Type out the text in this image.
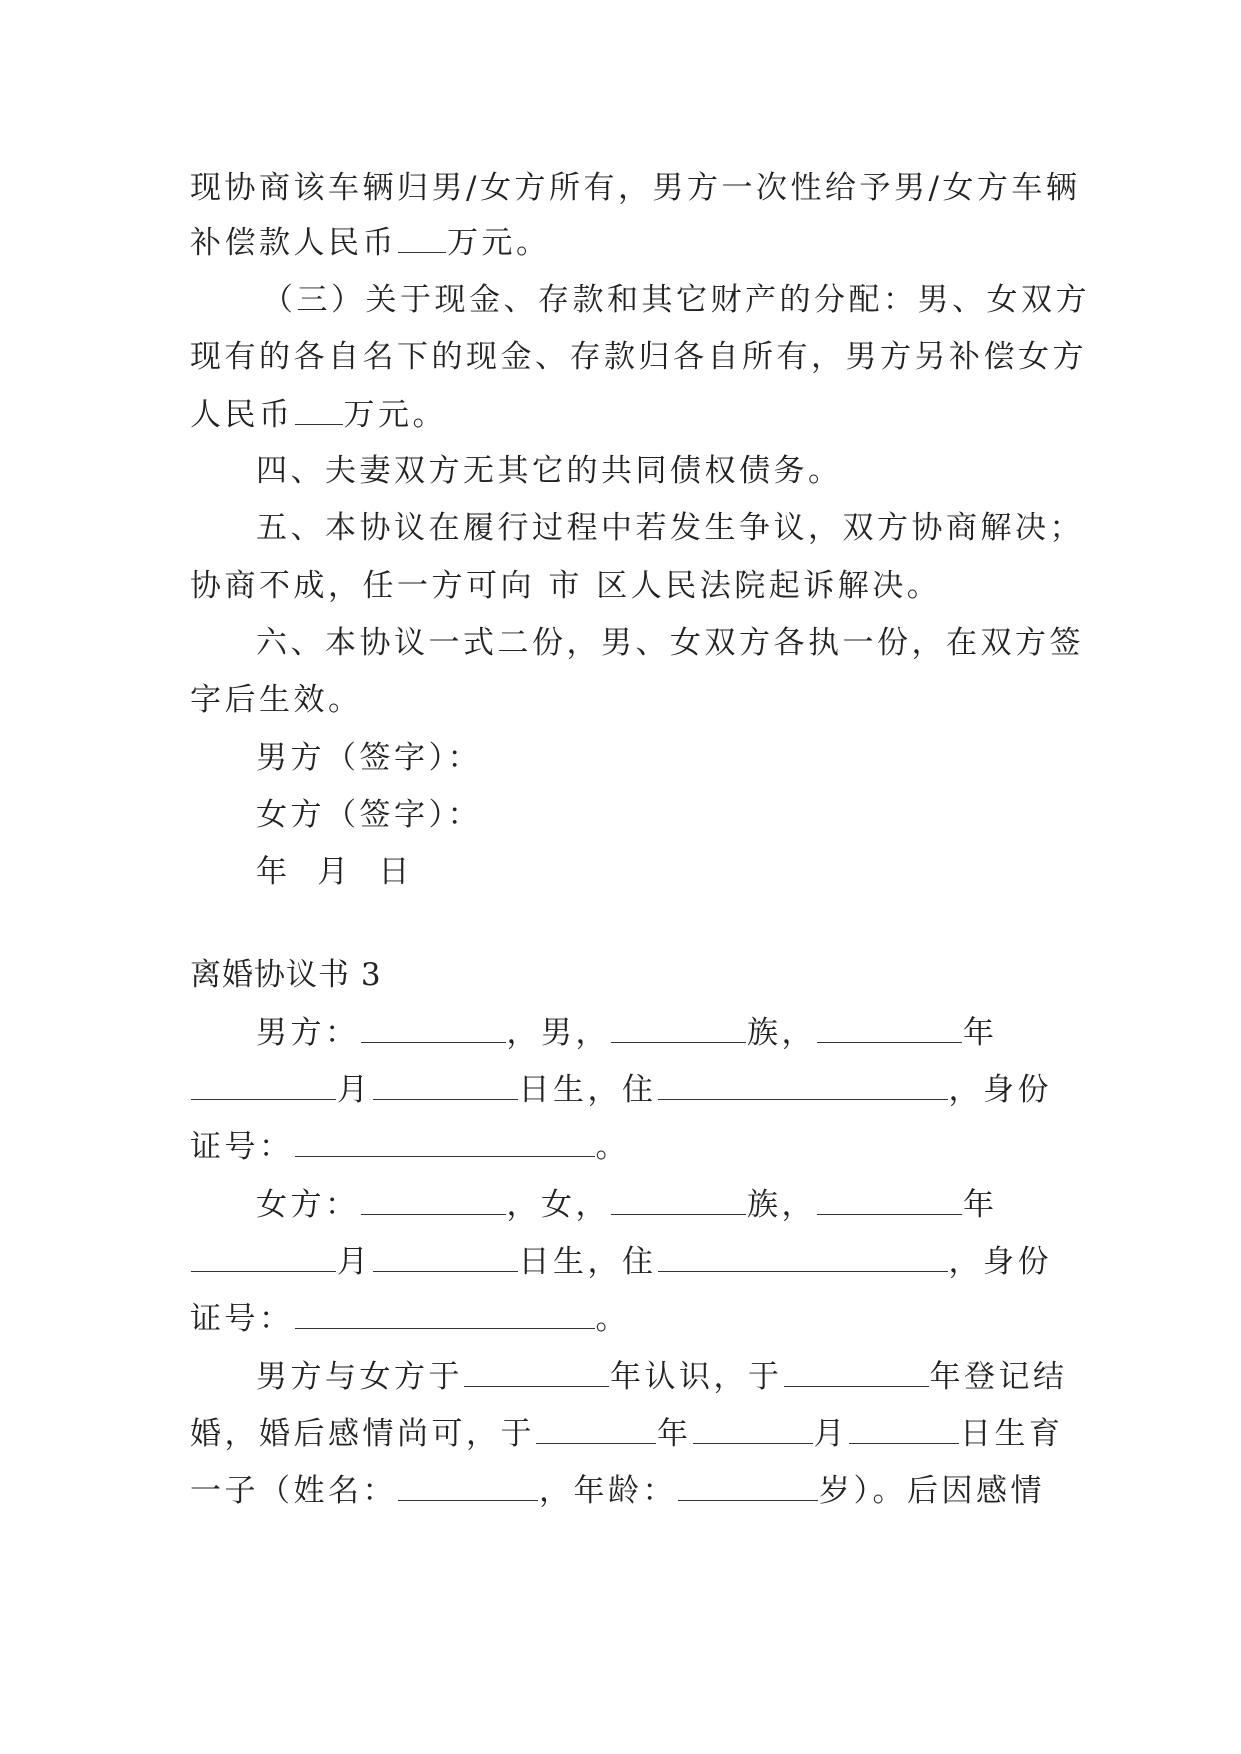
现协商该车辆归男/女方所有，男方一次性给予男/女方车辆
补偿款人民币 万元。
（三）关于现金、存款和其它财产的分配：男、女双方
现有的各自名下的现金、存款归各自所有，男方另补偿女方
人民币 万元。
四、夫妻双方无其它的共同债权债务。
五、本协议在履行过程中若发生争议，双方协商解决；
协商不成，任一方可向 市 区人民法院起诉解决。
六、本协议一式二份，男、女双方各执一份，在双方签
字后生效。
男方（签字）：
女方（签字）：
年  月  日
离婚协议书 3
男方：	，男，	族，	年
月	日生，住	，身份
证号：	。
女方：	，女，	族，	年
月	日生，住	，身份
证号：	。
男方与女方于	年认识，于	年登记结
婚，婚后感情尚可，于	年	月	日生育
一子（姓名：	，年龄：	岁）。后因感情
